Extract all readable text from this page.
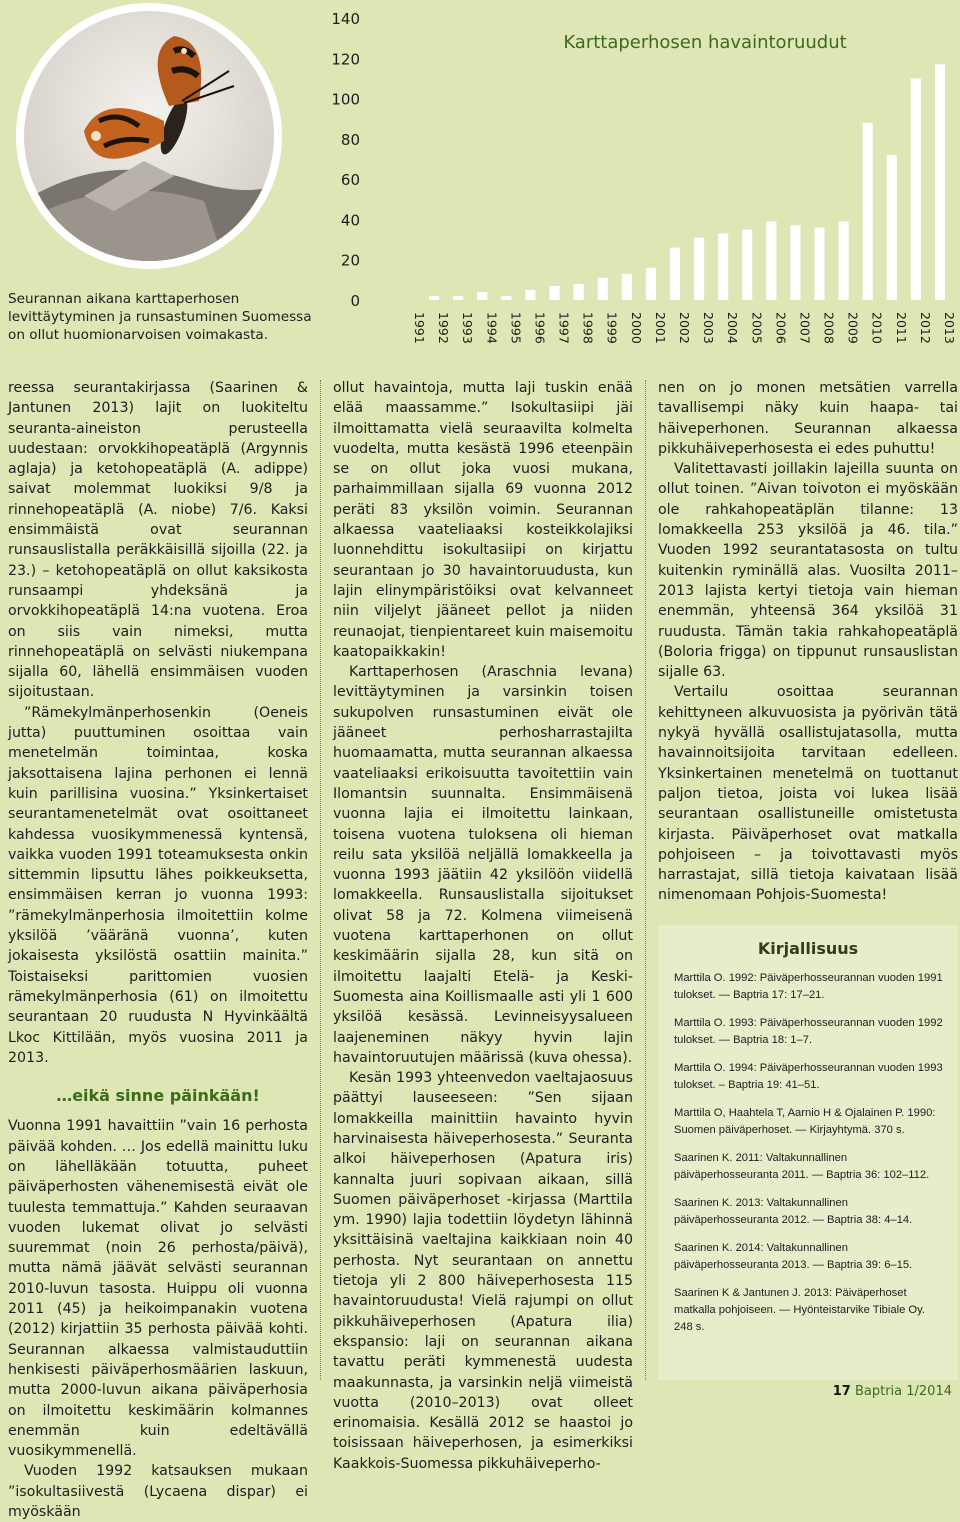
Seurannan aikana karttaperhosen levittäytyminen ja runsastuminen Suomessa on ollut huomionarvoisen voimakasta.
0
20
40
60
80
100
120
140
Karttaperhosen havaintoruudut
1991 1992 1993 1994 1995 1996 1997 1998 1999 2000 2001 2002 2003 2004 2005 2006 2007 2008 2009 2010 2011 2012 2013

reessa seurantakirjassa (Saarinen & Jantunen 2013) lajit on luokiteltu seuranta-aineiston perusteella uudestaan: orvokkihopeatäplä (Argynnis aglaja) ja ketohopeatäplä (A. adippe) saivat molemmat luokiksi 9/8 ja rinnehopeatäplä (A. niobe) 7/6. Kaksi ensimmäistä ovat seurannan runsauslistalla peräkkäisillä sijoilla (22. ja 23.) – ketohopeatäplä on ollut kaksikosta runsaampi yhdeksänä ja orvokkihopeatäplä 14:na vuotena. Eroa on siis vain nimeksi, mutta rinnehopeatäplä on selvästi niukempana sijalla 60, lähellä ensimmäisen vuoden sijoitustaan.

”Rämekylmänperhosenkin (Oeneis jutta) puuttuminen osoittaa vain menetelmän toimintaa, koska jaksottaisena lajina perhonen ei lennä kuin parillisina vuosina.” Yksinkertaiset seurantamenetelmät ovat osoittaneet kahdessa vuosikymmenessä kyntensä, vaikka vuoden 1991 toteamuksesta onkin sittemmin lipsuttu lähes poikkeuksetta, ensimmäisen kerran jo vuonna 1993: ”rämekylmänperhosia ilmoitettiin kolme yksilöä ’vääränä vuonna’, kuten jokaisesta yksilöstä osattiin mainita.” Toistaiseksi parittomien vuosien rämekylmänperhosia (61) on ilmoitettu seurantaan 20 ruudusta N Hyvinkäältä Lkoc Kittilään, myös vuosina 2011 ja 2013.

…eikä sinne päinkään!

Vuonna 1991 havaittiin ”vain 16 perhosta päivää kohden. … Jos edellä mainittu luku on lähelläkään totuutta, puheet päiväperhosten vähenemisestä eivät ole tuulesta temmattuja.” Kahden seuraavan vuoden lukemat olivat jo selvästi suuremmat (noin 26 perhosta/päivä), mutta nämä jäävät selvästi seurannan 2010-luvun tasosta. Huippu oli vuonna 2011 (45) ja heikoimpanakin vuotena (2012) kirjattiin 35 perhosta päivää kohti. Seurannan alkaessa valmistauduttiin henkisesti päiväperhosmäärien laskuun, mutta 2000-luvun aikana päiväperhosia on ilmoitettu keskimäärin kolmannes enemmän kuin edeltävällä vuosikymmenellä.

Vuoden 1992 katsauksen mukaan ”isokultasiivestä (Lycaena dispar) ei myöskään

ollut havaintoja, mutta laji tuskin enää elää maassamme.” Isokultasiipi jäi ilmoittamatta vielä seuraavilta kolmelta vuodelta, mutta kesästä 1996 eteenpäin se on ollut joka vuosi mukana, parhaimmillaan sijalla 69 vuonna 2012 peräti 83 yksilön voimin. Seurannan alkaessa vaateliaaksi kosteikkolajiksi luonnehdittu isokultasiipi on kirjattu seurantaan jo 30 havaintoruudusta, kun lajin elinympäristöiksi ovat kelvanneet niin viljelyt jääneet pellot ja niiden reunaojat, tienpientareet kuin maisemoitu kaatopaikkakin!

Karttaperhosen (Araschnia levana) levittäytyminen ja varsinkin toisen sukupolven runsastuminen eivät ole jääneet perhosharrastajilta huomaamatta, mutta seurannan alkaessa vaateliaaksi erikoisuutta tavoitettiin vain Ilomantsin suunnalta. Ensimmäisenä vuonna lajia ei ilmoitettu lainkaan, toisena vuotena tuloksena oli hieman reilu sata yksilöä neljällä lomakkeella ja vuonna 1993 jäätiin 42 yksilöön viidellä lomakkeella. Runsauslistalla sijoitukset olivat 58 ja 72. Kolmena viimeisenä vuotena karttaperhonen on ollut keskimäärin sijalla 28, kun sitä on ilmoitettu laajalti Etelä- ja Keski-Suomesta aina Koillismaalle asti yli 1 600 yksilöä kesässä. Levinneisyysalueen laajeneminen näkyy hyvin lajin havaintoruutujen määrissä (kuva ohessa).

Kesän 1993 yhteenvedon vaeltajaosuus päättyi lauseeseen: ”Sen sijaan lomakkeilla mainittiin havainto hyvin harvinaisesta häiveperhosesta.” Seuranta alkoi häiveperhosen (Apatura iris) kannalta juuri sopivaan aikaan, sillä Suomen päiväperhoset -kirjassa (Marttila ym. 1990) lajia todettiin löydetyn lähinnä yksittäisinä vaeltajina kaikkiaan noin 40 perhosta. Nyt seurantaan on annettu tietoja yli 2 800 häiveperhosesta 115 havaintoruudusta! Vielä rajumpi on ollut pikkuhäiveperhosen (Apatura ilia) ekspansio: laji on seurannan aikana tavattu peräti kymmenestä uudesta maakunnasta, ja varsinkin neljä viimeistä vuotta (2010–2013) ovat olleet erinomaisia. Kesällä 2012 se haastoi jo toisissaan häiveperhosen, ja esimerkiksi Kaakkois-Suomessa pikkuhäiveperho-

nen on jo monen metsätien varrella tavallisempi näky kuin haapa- tai häiveperhonen. Seurannan alkaessa pikkuhäiveperhosesta ei edes puhuttu!

Valitettavasti joillakin lajeilla suunta on ollut toinen. ”Aivan toivoton ei myöskään ole rahkahopeatäplän tilanne: 13 lomakkeella 253 yksilöä ja 46. tila.” Vuoden 1992 seurantatasosta on tultu kuitenkin ryminällä alas. Vuosilta 2011–2013 lajista kertyi tietoja vain hieman enemmän, yhteensä 364 yksilöä 31 ruudusta. Tämän takia rahkahopeatäplä (Boloria frigga) on tippunut runsauslistan sijalle 63.

Vertailu osoittaa seurannan kehittyneen alkuvuosista ja pyörivän tätä nykyä hyvällä osallistujatasolla, mutta havainnoitsijoita tarvitaan edelleen. Yksinkertainen menetelmä on tuottanut paljon tietoa, joista voi lukea lisää seurantaan osallistuneille omistetusta kirjasta. Päiväperhoset ovat matkalla pohjoiseen – ja toivottavasti myös harrastajat, sillä tietoja kaivataan lisää nimenomaan Pohjois-Suomesta!

Kirjallisuus
Marttila O. 1992: Päiväperhosseurannan vuoden 1991 tulokset. — Baptria 17: 17–21.
Marttila O. 1993: Päiväperhosseurannan vuoden 1992 tulokset. — Baptria 18: 1–7.
Marttila O. 1994: Päiväperhosseurannan vuoden 1993 tulokset. – Baptria 19: 41–51.
Marttila O, Haahtela T, Aarnio H & Ojalainen P. 1990: Suomen päiväperhoset. — Kirjayhtymä. 370 s.
Saarinen K. 2011: Valtakunnallinen päiväperhosseuranta 2011. — Baptria 36: 102–112.
Saarinen K. 2013: Valtakunnallinen päiväperhosseuranta 2012. — Baptria 38: 4–14.
Saarinen K. 2014: Valtakunnallinen päiväperhosseuranta 2013. — Baptria 39: 6–15.
Saarinen K & Jantunen J. 2013: Päiväperhoset matkalla pohjoiseen. — Hyönteistarvike Tibiale Oy. 248 s.
17 Baptria 1/2014
